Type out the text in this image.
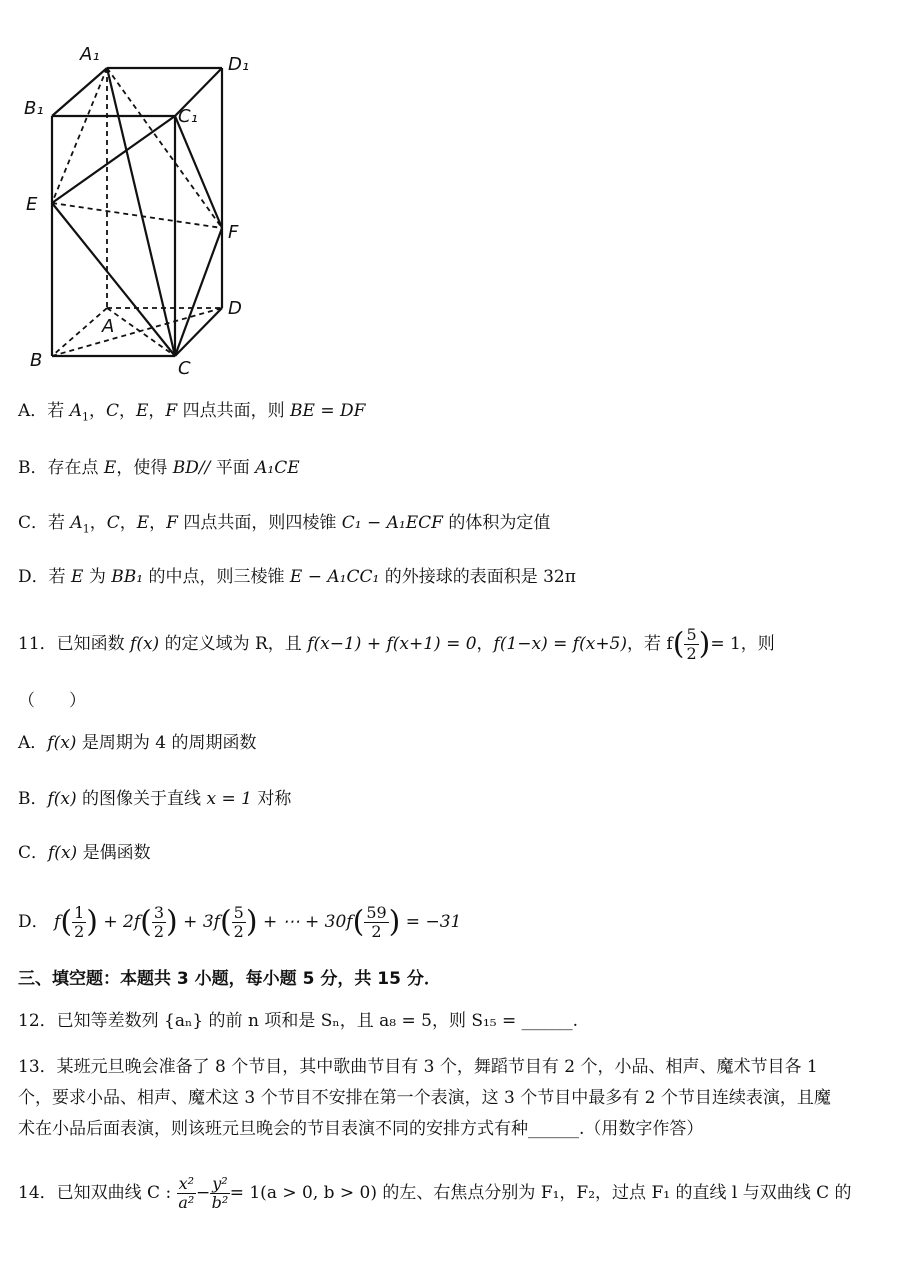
A₁	D₁
B₁	C₁
E
F
D
A
B	C
A．若 $A_1$，C，E，F 四点共面，则 BE = DF
B．存在点 E，使得 BD// 平面 A₁CE
C．若 $A_1$，C，E，F 四点共面，则四棱锥 C₁ − A₁ECF 的体积为定值
D．若 E 为 BB₁ 的中点，则三棱锥 E − A₁CC₁ 的外接球的表面积是 32π
11．已知函数 f(x) 的定义域为 R，且 f(x−1) + f(x+1) = 0，f(1−x) = f(x+5)，若 $f( \frac{5}{2}$ )= 1，则
（　　）
A．f(x) 是周期为 4 的周期函数
B．f(x) 的图像关于直线 x = 1 对称
C．f(x) 是偶函数
D． $f( \frac{1}{2}$ ) + $2f( \frac{3}{2}$ ) + $3f( \frac{5}{2}$ ) + ⋯ + $30f( \frac{59}{2}$ ) = −31
三、填空题：本题共 3 小题，每小题 5 分，共 15 分．
12．已知等差数列 {aₙ} 的前 n 项和是 Sₙ，且 a₈ = 5，则 S₁₅ = ______.
13．某班元旦晚会准备了 8 个节目，其中歌曲节目有 3 个，舞蹈节目有 2 个，小品、相声、魔术节目各 1
个，要求小品、相声、魔术这 3 个节目不安排在第一个表演，这 3 个节目中最多有 2 个节目连续表演，且魔
术在小品后面表演，则该班元旦晚会的节目表演不同的安排方式有种______.（用数字作答）
14．已知双曲线 C : $\frac{\text{x²}}{\text{a²}} - \frac{\text{y²}}{\text{b²}} = 1(a > 0$, b > 0) 的左、右焦点分别为 F₁，F₂，过点 F₁ 的直线 l 与双曲线 C 的
